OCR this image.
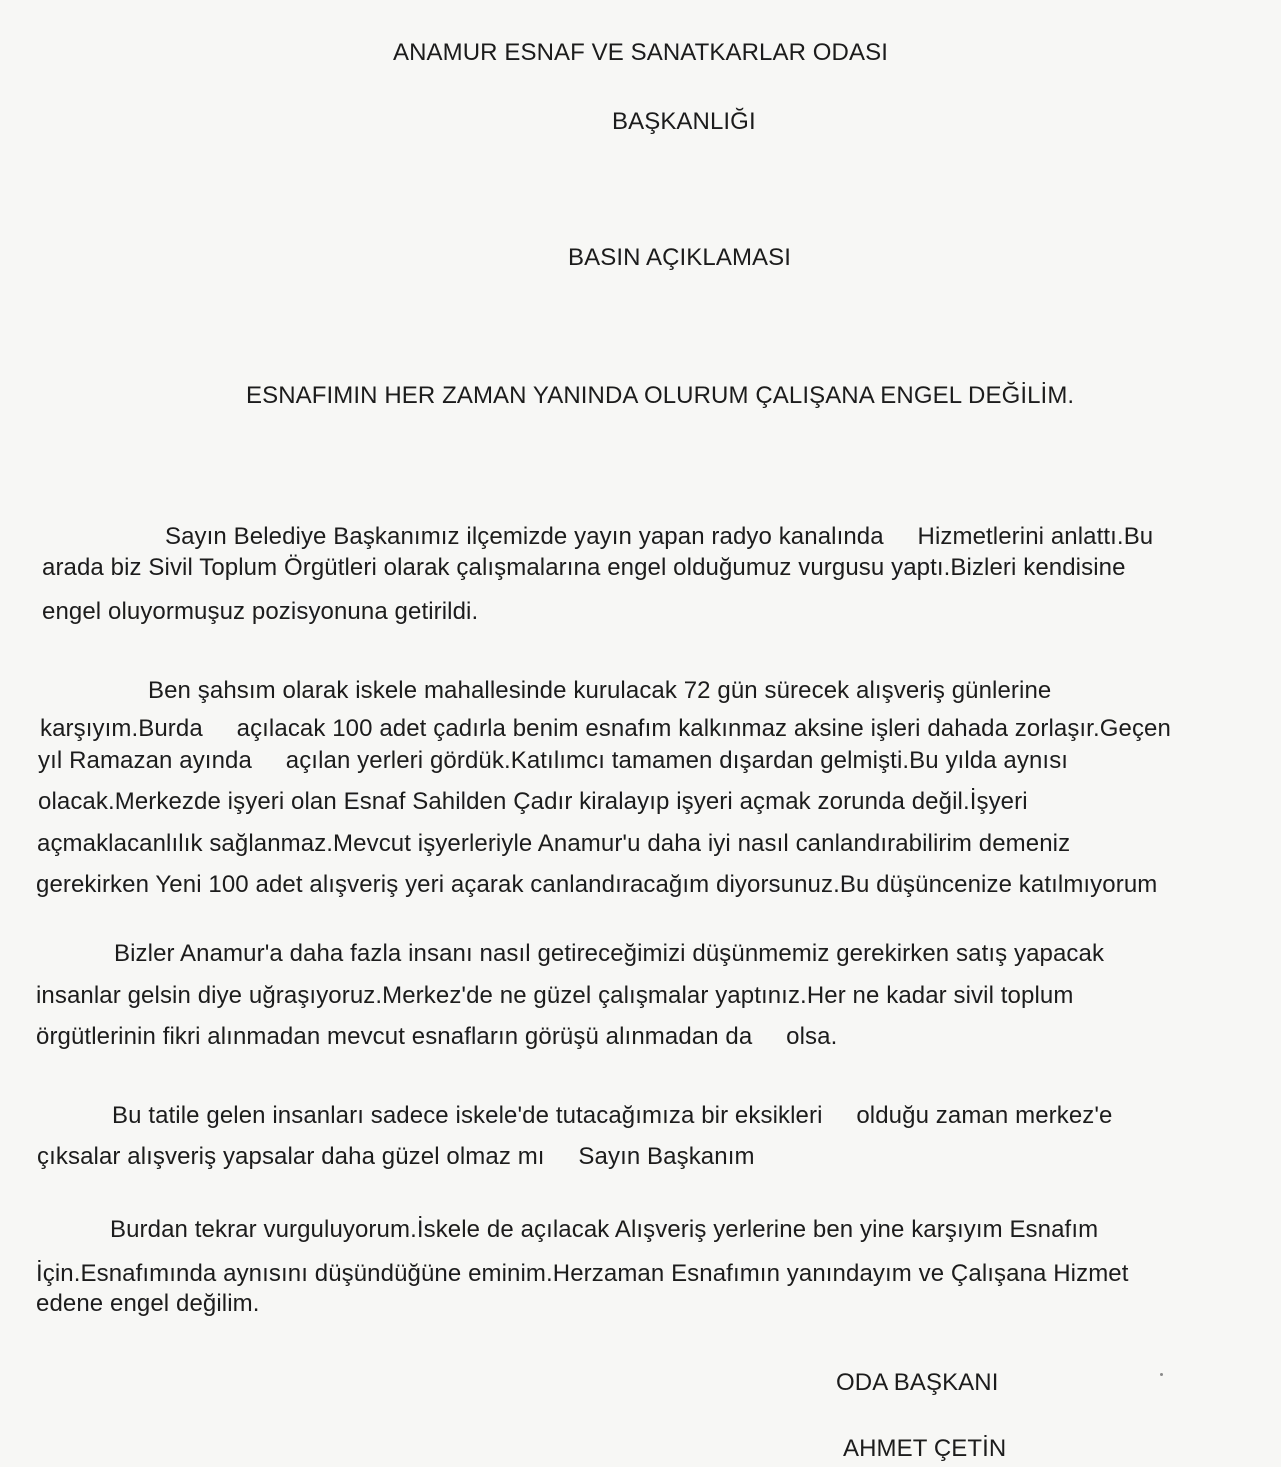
ANAMUR ESNAF VE SANATKARLAR ODASI
BAŞKANLIĞI
BASIN AÇIKLAMASI
ESNAFIMIN HER ZAMAN YANINDA OLURUM ÇALIŞANA ENGEL DEĞİLİM.
Sayın Belediye Başkanımız ilçemizde yayın yapan radyo kanalında     Hizmetlerini anlattı.Bu
arada biz Sivil Toplum Örgütleri olarak çalışmalarına engel olduğumuz vurgusu yaptı.Bizleri kendisine
engel oluyormuşuz pozisyonuna getirildi.
Ben şahsım olarak iskele mahallesinde kurulacak 72 gün sürecek alışveriş günlerine
karşıyım.Burda     açılacak 100 adet çadırla benim esnafım kalkınmaz aksine işleri dahada zorlaşır.Geçen
yıl Ramazan ayında     açılan yerleri gördük.Katılımcı tamamen dışardan gelmişti.Bu yılda aynısı
olacak.Merkezde işyeri olan Esnaf Sahilden Çadır kiralayıp işyeri açmak zorunda değil.İşyeri
açmaklacanlılık sağlanmaz.Mevcut işyerleriyle Anamur'u daha iyi nasıl canlandırabilirim demeniz
gerekirken Yeni 100 adet alışveriş yeri açarak canlandıracağım diyorsunuz.Bu düşüncenize katılmıyorum
Bizler Anamur'a daha fazla insanı nasıl getireceğimizi düşünmemiz gerekirken satış yapacak
insanlar gelsin diye uğraşıyoruz.Merkez'de ne güzel çalışmalar yaptınız.Her ne kadar sivil toplum
örgütlerinin fikri alınmadan mevcut esnafların görüşü alınmadan da     olsa.
Bu tatile gelen insanları sadece iskele'de tutacağımıza bir eksikleri     olduğu zaman merkez'e
çıksalar alışveriş yapsalar daha güzel olmaz mı     Sayın Başkanım
Burdan tekrar vurguluyorum.İskele de açılacak Alışveriş yerlerine ben yine karşıyım Esnafım
İçin.Esnafımında aynısını düşündüğüne eminim.Herzaman Esnafımın yanındayım ve Çalışana Hizmet
edene engel değilim.
ODA BAŞKANI
AHMET ÇETİN
